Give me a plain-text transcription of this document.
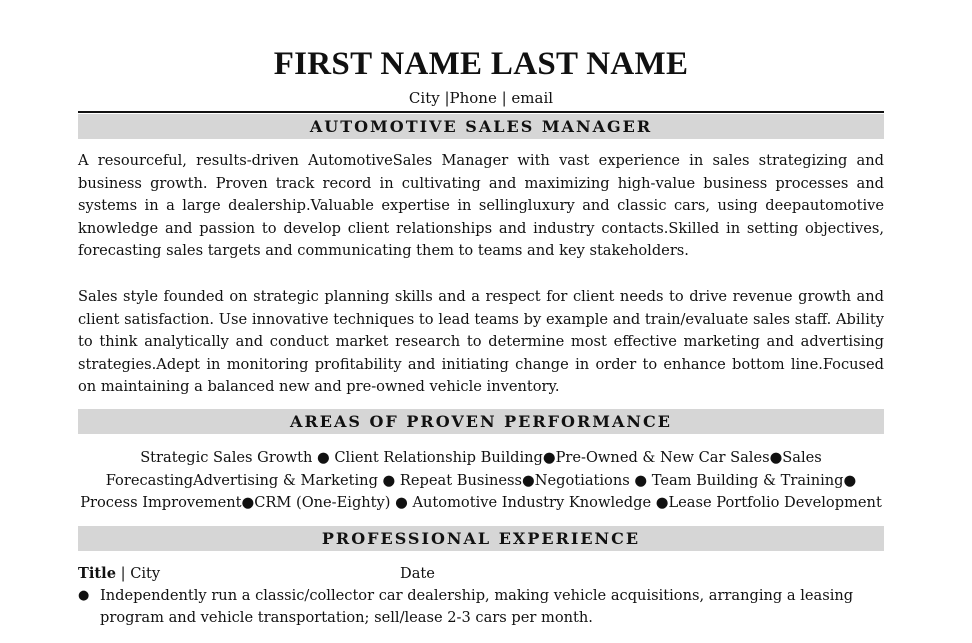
FIRST NAME LAST NAME
City |Phone | email
AUTOMOTIVE SALES MANAGER
A resourceful, results-driven AutomotiveSales Manager with vast experience in sales strategizing and business growth. Proven track record in cultivating and maximizing high-value business processes and systems in a large dealership.Valuable expertise in sellingluxury and classic cars, using deepautomotive knowledge and passion to develop client relationships and industry contacts.Skilled in setting objectives, forecasting sales targets and communicating them to teams and key stakeholders.
Sales style founded on strategic planning skills and a respect for client needs to drive revenue growth and client satisfaction. Use innovative techniques to lead teams by example and train/evaluate sales staff. Ability to think analytically and conduct market research to determine most effective marketing and advertising strategies.Adept in monitoring profitability and initiating change in order to enhance bottom line.Focused on maintaining a balanced new and pre-owned vehicle inventory.
AREAS OF PROVEN PERFORMANCE
Strategic Sales Growth ● Client Relationship Building●Pre-Owned & New Car Sales●Sales ForecastingAdvertising & Marketing ● Repeat Business●Negotiations ● Team Building & Training● Process Improvement●CRM (One-Eighty) ● Automotive Industry Knowledge ●Lease Portfolio Development
PROFESSIONAL EXPERIENCE
Title | City	Date
● Independently run a classic/collector car dealership, making vehicle acquisitions, arranging a leasing program and vehicle transportation; sell/lease 2-3 cars per month.
